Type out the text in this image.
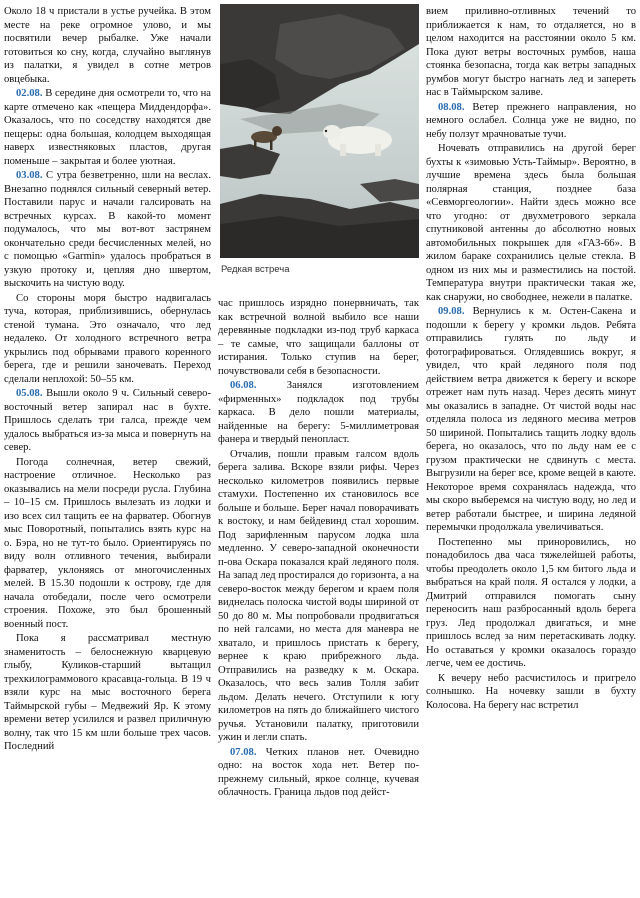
Редкая встреча

Около 18 ч пристали в устье ручейка. В этом месте на реке огромное улово, и мы посвятили вечер рыбалке. Уже начали готовиться ко сну, когда, случайно выглянув из палатки, я увидел в сотне метров овцебыка.

02.08. В середине дня осмотрели то, что на карте отмечено как «пещера Миддендорфа». Оказалось, что по соседству находятся две пещеры: одна большая, колодцем выходящая наверх известняковых пластов, другая поменьше – закрытая и более уютная.

03.08. С утра безветренно, шли на веслах. Внезапно поднялся сильный северный ветер. Поставили парус и начали галсировать на встречных курсах. В какой-то момент подумалось, что мы вот-вот застрянем окончательно среди бесчисленных мелей, но с помощью «Garmin» удалось пробраться в узкую протоку и, цепляя дно швертом, выскочить на чистую воду.

Со стороны моря быстро надвигалась туча, которая, приблизившись, обернулась стеной тумана. Это означало, что лед недалеко. От холодного встречного ветра укрылись под обрывами правого коренного берега, где и решили заночевать. Переход сделали неплохой: 50–55 км.

05.08. Вышли около 9 ч. Сильный северо-восточный ветер запирал нас в бухте. Пришлось сделать три галса, прежде чем удалось выбраться из-за мыса и повернуть на север.

Погода солнечная, ветер свежий, настроение отличное. Несколько раз оказывались на мели посреди русла. Глубина – 10–15 см. Пришлось вылезать из лодки и изо всех сил тащить ее на фарватер. Обогнув мыс Поворотный, попытались взять курс на о. Бэра, но не тут-то было. Ориентируясь по виду волн отливного течения, выбирали фарватер, уклоняясь от многочисленных мелей. В 15.30 подошли к острову, где для начала отобедали, после чего осмотрели строения. Похоже, это был брошенный военный пост.

Пока я рассматривал местную знаменитость – белоснежную кварцевую глыбу, Куликов-старший вытащил трехкилограммового красавца-гольца. В 19 ч взяли курс на мыс восточного берега Таймырской губы – Медвежий Яр. К этому времени ветер усилился и развел приличную волну, так что 15 км шли больше трех часов. Последний

час пришлось изрядно понервничать, так как встречной волной выбило все наши деревянные подкладки из-под труб каркаса – те самые, что защищали баллоны от истирания. Только ступив на берег, почувствовали себя в безопасности.

06.08. Занялся изготовлением «фирменных» подкладок под трубы каркаса. В дело пошли материалы, найденные на берегу: 5-миллиметровая фанера и твердый пенопласт.

Отчалив, пошли правым галсом вдоль берега залива. Вскоре взяли рифы. Через несколько километров появились первые стамухи. Постепенно их становилось все больше и больше. Берег начал поворачивать к востоку, и нам бейдевинд стал хорошим. Под зарифленным парусом лодка шла медленно. У северо-западной оконечности п-ова Оскара показался край ледяного поля. На запад лед простирался до горизонта, а на северо-восток между берегом и краем поля виднелась полоска чистой воды шириной от 50 до 80 м. Мы попробовали продвигаться по ней галсами, но места для маневра не хватало, и пришлось пристать к берегу, вернее к краю прибрежного льда. Отправились на разведку к м. Оскара. Оказалось, что весь залив Толля забит льдом. Делать нечего. Отступили к югу километров на пять до ближайшего чистого ручья. Установили палатку, приготовили ужин и легли спать.

07.08. Четких планов нет. Очевидно одно: на восток хода нет. Ветер по-прежнему сильный, яркое солнце, кучевая облачность. Граница льдов под дейст-

вием приливно-отливных течений то приближается к нам, то отдаляется, но в целом находится на расстоянии около 5 км. Пока дуют ветры восточных румбов, наша стоянка безопасна, тогда как ветры западных румбов могут быстро нагнать лед и запереть нас в Таймырском заливе.

08.08. Ветер прежнего направления, но немного ослабел. Солнца уже не видно, по небу ползут мрачноватые тучи.

Ночевать отправились на другой берег бухты к «зимовью Усть-Таймыр». Вероятно, в лучшие времена здесь была большая полярная станция, позднее база «Севморгеологии». Найти здесь можно все что угодно: от двухметрового зеркала спутниковой антенны до абсолютно новых автомобильных покрышек для «ГАЗ-66». В жилом бараке сохранились целые стекла. В одном из них мы и разместились на постой. Температура внутри практически такая же, как снаружи, но свободнее, нежели в палатке.

09.08. Вернулись к м. Остен-Сакена и подошли к берегу у кромки льдов. Ребята отправились гулять по льду и фотографироваться. Оглядевшись вокруг, я увидел, что край ледяного поля под действием ветра движется к берегу и вскоре отрежет нам путь назад. Через десять минут мы оказались в западне. От чистой воды нас отделяла полоса из ледяного месива метров 50 шириной. Попытались тащить лодку вдоль берега, но оказалось, что по льду нам ее с грузом практически не сдвинуть с места. Выгрузили на берег все, кроме вещей в каюте. Некоторое время сохранялась надежда, что мы скоро выберемся на чистую воду, но лед и ветер работали быстрее, и ширина ледяной перемычки продолжала увеличиваться.

Постепенно мы приноровились, но понадобилось два часа тяжелейшей работы, чтобы преодолеть около 1,5 км битого льда и выбраться на край поля. Я остался у лодки, а Дмитрий отправился помогать сыну переносить наш разбросанный вдоль берега груз. Лед продолжал двигаться, и мне пришлось вслед за ним перетаскивать лодку. Но оставаться у кромки оказалось гораздо легче, чем ее достичь.

К вечеру небо расчистилось и пригрело солнышко. На ночевку зашли в бухту Колосова. На берегу нас встретил
